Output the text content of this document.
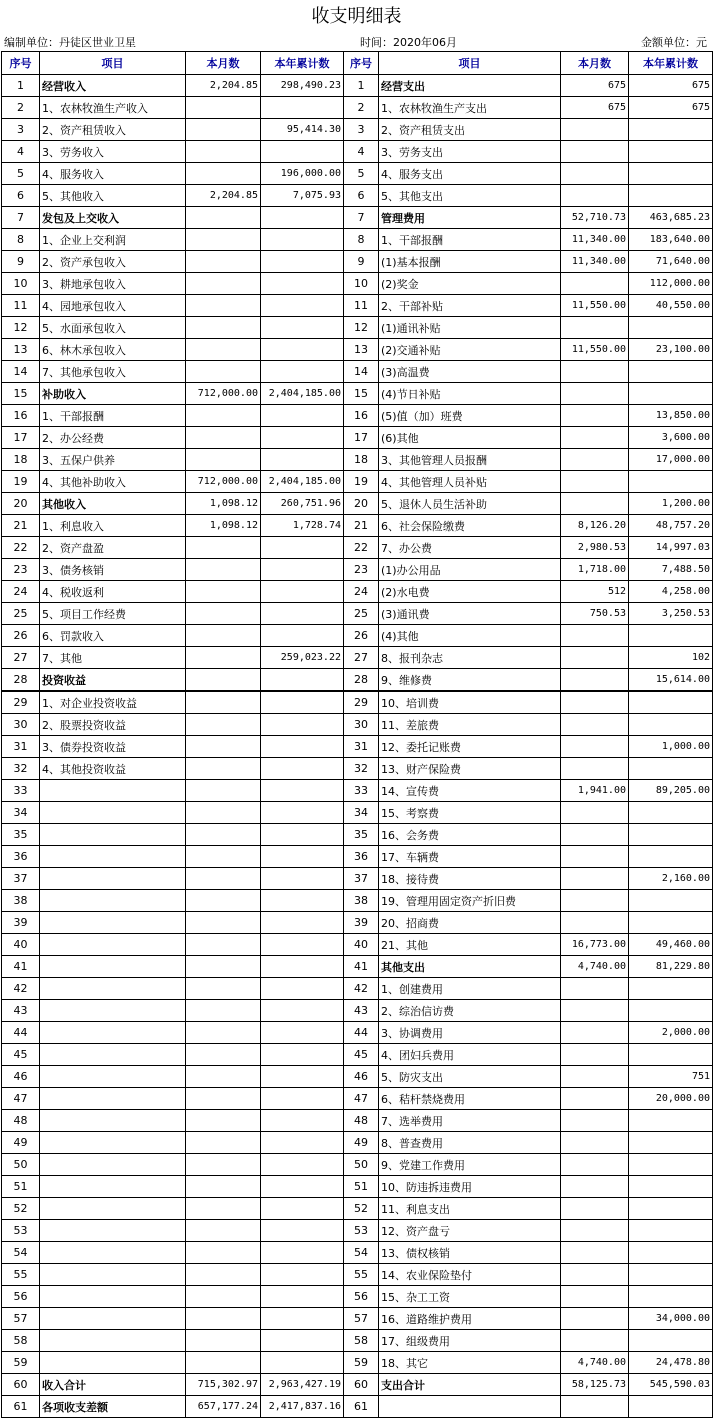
收支明细表
编制单位：丹徒区世业卫星	时间：2020年06月	金额单位：元
序号	项目	本月数	本年累计数	序号	项目	本月数	本年累计数
1	经营收入	2,204.85	298,490.23	1	经营支出	675	675
2	1、农林牧渔生产收入			2	1、农林牧渔生产支出	675	675
3	2、资产租赁收入		95,414.30	3	2、资产租赁支出		
4	3、劳务收入			4	3、劳务支出		
5	4、服务收入		196,000.00	5	4、服务支出		
6	5、其他收入	2,204.85	7,075.93	6	5、其他支出		
7	发包及上交收入			7	管理费用	52,710.73	463,685.23
8	1、企业上交利润			8	1、干部报酬	11,340.00	183,640.00
9	2、资产承包收入			9	(1)基本报酬	11,340.00	71,640.00
10	3、耕地承包收入			10	(2)奖金		112,000.00
11	4、园地承包收入			11	2、干部补贴	11,550.00	40,550.00
12	5、水面承包收入			12	(1)通讯补贴		
13	6、林木承包收入			13	(2)交通补贴	11,550.00	23,100.00
14	7、其他承包收入			14	(3)高温费		
15	补助收入	712,000.00	2,404,185.00	15	(4)节日补贴		
16	1、干部报酬			16	(5)值（加）班费		13,850.00
17	2、办公经费			17	(6)其他		3,600.00
18	3、五保户供养			18	3、其他管理人员报酬		17,000.00
19	4、其他补助收入	712,000.00	2,404,185.00	19	4、其他管理人员补贴		
20	其他收入	1,098.12	260,751.96	20	5、退休人员生活补助		1,200.00
21	1、利息收入	1,098.12	1,728.74	21	6、社会保险缴费	8,126.20	48,757.20
22	2、资产盘盈			22	7、办公费	2,980.53	14,997.03
23	3、债务核销			23	(1)办公用品	1,718.00	7,488.50
24	4、税收返利			24	(2)水电费	512	4,258.00
25	5、项目工作经费			25	(3)通讯费	750.53	3,250.53
26	6、罚款收入			26	(4)其他		
27	7、其他		259,023.22	27	8、报刊杂志		102
28	投资收益			28	9、维修费		15,614.00
29	1、对企业投资收益			29	10、培训费		
30	2、股票投资收益			30	11、差旅费		
31	3、债券投资收益			31	12、委托记账费		1,000.00
32	4、其他投资收益			32	13、财产保险费		
33				33	14、宣传费	1,941.00	89,205.00
34				34	15、考察费		
35				35	16、会务费		
36				36	17、车辆费		
37				37	18、接待费		2,160.00
38				38	19、管理用固定资产折旧费		
39				39	20、招商费		
40				40	21、其他	16,773.00	49,460.00
41				41	其他支出	4,740.00	81,229.80
42				42	1、创建费用		
43				43	2、综治信访费		
44				44	3、协调费用		2,000.00
45				45	4、团妇兵费用		
46				46	5、防灾支出		751
47				47	6、秸杆禁烧费用		20,000.00
48				48	7、选举费用		
49				49	8、普查费用		
50				50	9、党建工作费用		
51				51	10、防违拆违费用		
52				52	11、利息支出		
53				53	12、资产盘亏		
54				54	13、债权核销		
55				55	14、农业保险垫付		
56				56	15、杂工工资		
57				57	16、道路维护费用		34,000.00
58				58	17、组级费用		
59				59	18、其它	4,740.00	24,478.80
60	收入合计	715,302.97	2,963,427.19	60	支出合计	58,125.73	545,590.03
61	各项收支差额	657,177.24	2,417,837.16	61			
